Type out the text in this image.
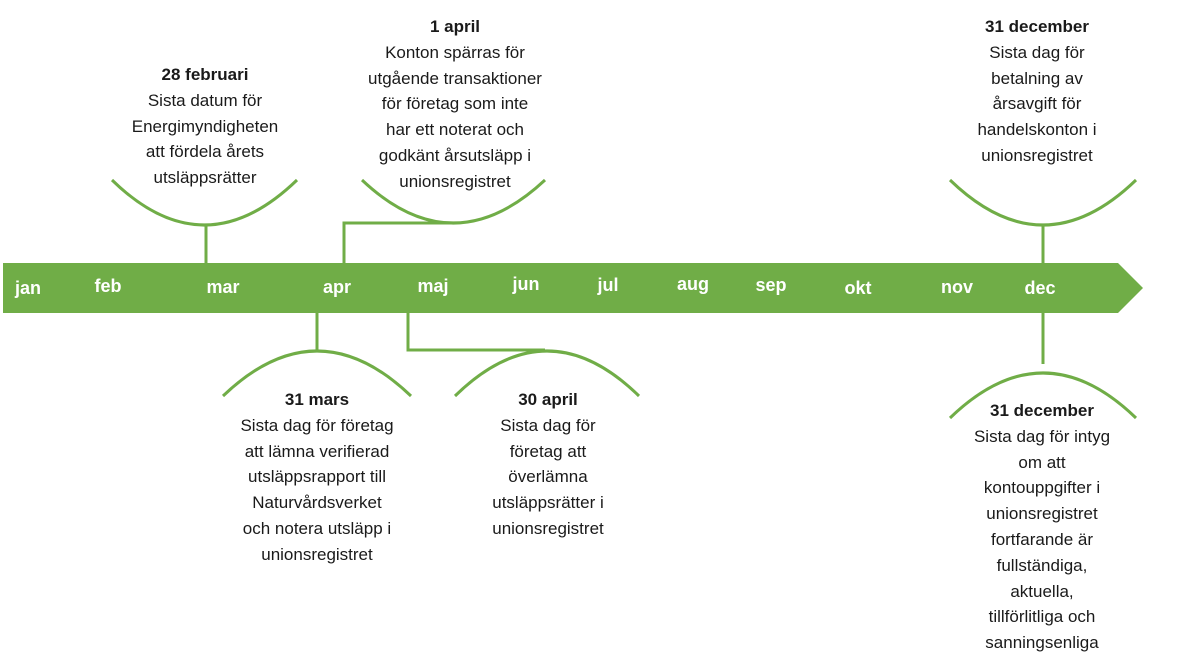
jan	feb	mar	apr	maj	jun	jul	aug	sep	okt	nov	dec
28 februari
Sista datum för
Energimyndigheten
att fördela årets
utsläppsrätter
1 april
Konton spärras för
utgående transaktioner
för företag som inte
har ett noterat och
godkänt årsutsläpp i
unionsregistret
31 december
Sista dag för
betalning av
årsavgift för
handelskonton i
unionsregistret
31 mars
Sista dag för företag
att lämna verifierad
utsläppsrapport till
Naturvårdsverket
och notera utsläpp i
unionsregistret
30 april
Sista dag för
företag att
överlämna
utsläppsrätter i
unionsregistret
31 december
Sista dag för intyg om att
kontouppgifter i
unionsregistret fortfarande är
fullständiga, aktuella,
tillförlitliga och
sanningsenliga
